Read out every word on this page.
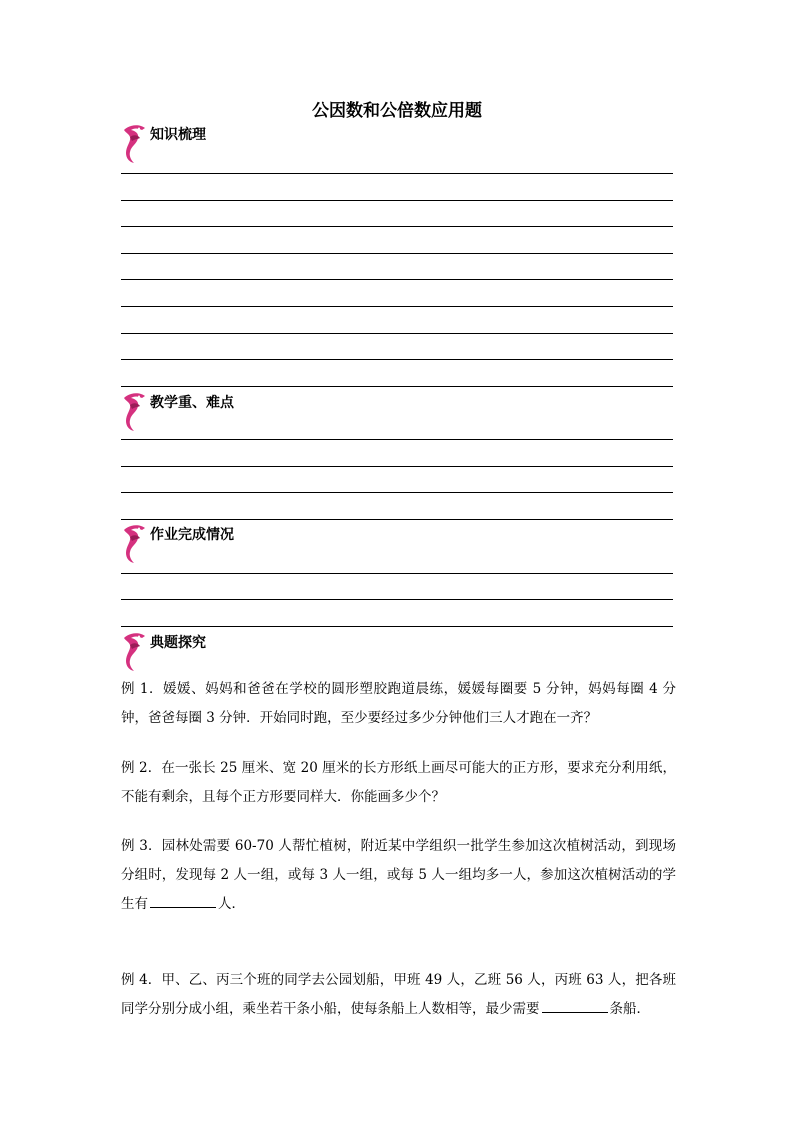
公因数和公倍数应用题
知识梳理
教学重、难点
作业完成情况
典题探究

例 1．媛媛、妈妈和爸爸在学校的圆形塑胶跑道晨练，媛媛每圈要 5 分钟，妈妈每圈 4 分钟，爸爸每圈 3 分钟．开始同时跑，至少要经过多少分钟他们三人才跑在一齐？

例 2．在一张长 25 厘米、宽 20 厘米的长方形纸上画尽可能大的正方形，要求充分利用纸，不能有剩余，且每个正方形要同样大．你能画多少个？

例 3．园林处需要 60-70 人帮忙植树，附近某中学组织一批学生参加这次植树活动，到现场分组时，发现每 2 人一组，或每 3 人一组，或每 5 人一组均多一人，参加这次植树活动的学生有	人．

例 4．甲、乙、丙三个班的同学去公园划船，甲班 49 人，乙班 56 人，丙班 63 人，把各班同学分别分成小组，乘坐若干条小船，使每条船上人数相等，最少需要	条船．
